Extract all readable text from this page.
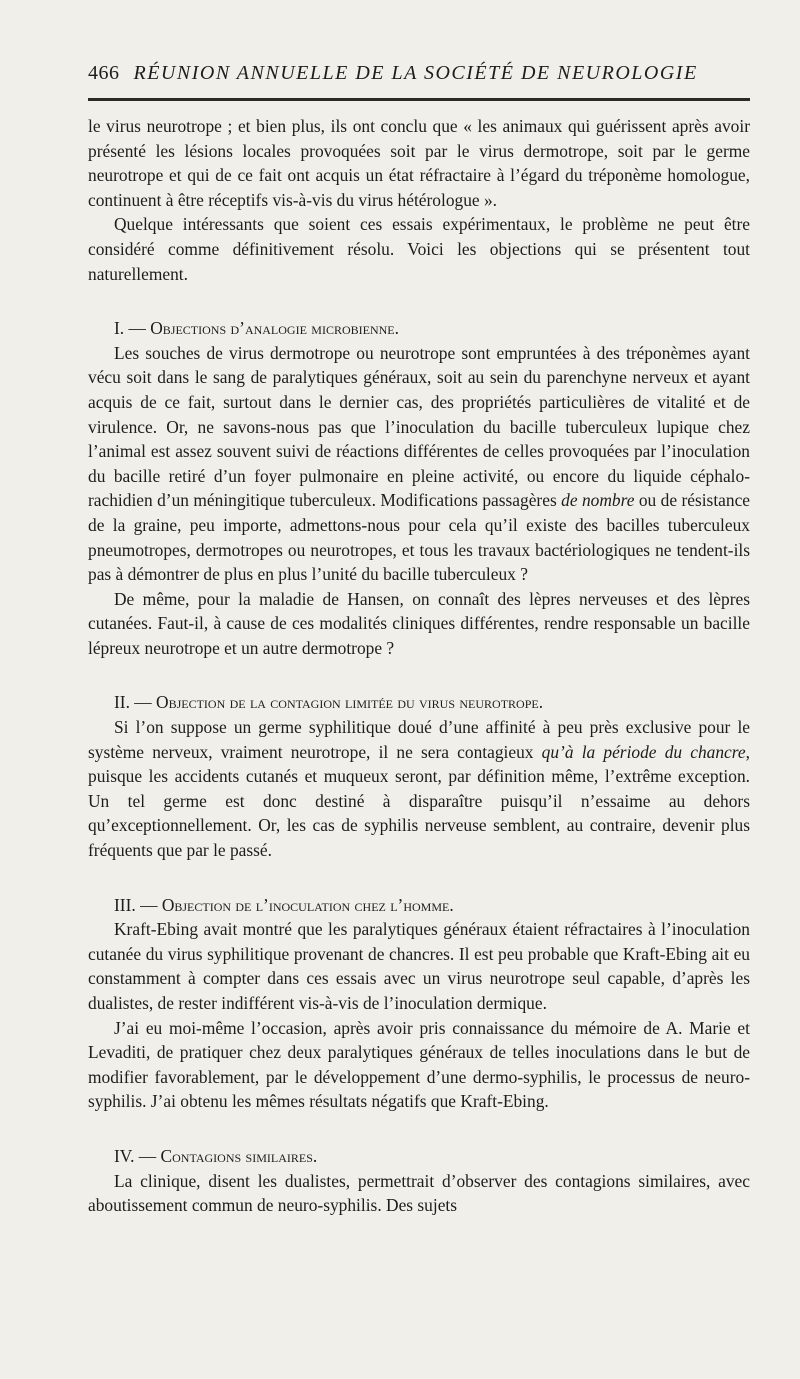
466 RÉUNION ANNUELLE DE LA SOCIÉTÉ DE NEUROLOGIE

le virus neurotrope ; et bien plus, ils ont conclu que « les animaux qui guérissent après avoir présenté les lésions locales provoquées soit par le virus dermotrope, soit par le germe neurotrope et qui de ce fait ont acquis un état réfractaire à l’égard du tréponème homologue, continuent à être réceptifs vis-à-vis du virus hétérologue ».

Quelque intéressants que soient ces essais expérimentaux, le problème ne peut être considéré comme définitivement résolu. Voici les objections qui se présentent tout naturellement.

I. — Objections d’analogie microbienne.

Les souches de virus dermotrope ou neurotrope sont empruntées à des tréponèmes ayant vécu soit dans le sang de paralytiques généraux, soit au sein du parenchyne nerveux et ayant acquis de ce fait, surtout dans le dernier cas, des propriétés particulières de vitalité et de virulence. Or, ne savons-nous pas que l’inoculation du bacille tuberculeux lupique chez l’animal est assez souvent suivi de réactions différentes de celles provoquées par l’inoculation du bacille retiré d’un foyer pulmonaire en pleine activité, ou encore du liquide céphalo-rachidien d’un méningitique tuberculeux. Modifications passagères de nombre ou de résistance de la graine, peu importe, admettons-nous pour cela qu’il existe des bacilles tuberculeux pneumotropes, dermotropes ou neurotropes, et tous les travaux bactériologiques ne tendent-ils pas à démontrer de plus en plus l’unité du bacille tuberculeux ?

De même, pour la maladie de Hansen, on connaît des lèpres nerveuses et des lèpres cutanées. Faut-il, à cause de ces modalités cliniques différentes, rendre responsable un bacille lépreux neurotrope et un autre dermotrope ?

II. — Objection de la contagion limitée du virus neurotrope.

Si l’on suppose un germe syphilitique doué d’une affinité à peu près exclusive pour le système nerveux, vraiment neurotrope, il ne sera contagieux qu’à la période du chancre, puisque les accidents cutanés et muqueux seront, par définition même, l’extrême exception. Un tel germe est donc destiné à disparaître puisqu’il n’essaime au dehors qu’exceptionnellement. Or, les cas de syphilis nerveuse semblent, au contraire, devenir plus fréquents que par le passé.

III. — Objection de l’inoculation chez l’homme.

Kraft-Ebing avait montré que les paralytiques généraux étaient réfractaires à l’inoculation cutanée du virus syphilitique provenant de chancres. Il est peu probable que Kraft-Ebing ait eu constamment à compter dans ces essais avec un virus neurotrope seul capable, d’après les dualistes, de rester indifférent vis-à-vis de l’inoculation dermique.

J’ai eu moi-même l’occasion, après avoir pris connaissance du mémoire de A. Marie et Levaditi, de pratiquer chez deux paralytiques généraux de telles inoculations dans le but de modifier favorablement, par le développement d’une dermo-syphilis, le processus de neuro-syphilis. J’ai obtenu les mêmes résultats négatifs que Kraft-Ebing.

IV. — Contagions similaires.

La clinique, disent les dualistes, permettrait d’observer des contagions similaires, avec aboutissement commun de neuro-syphilis. Des sujets
